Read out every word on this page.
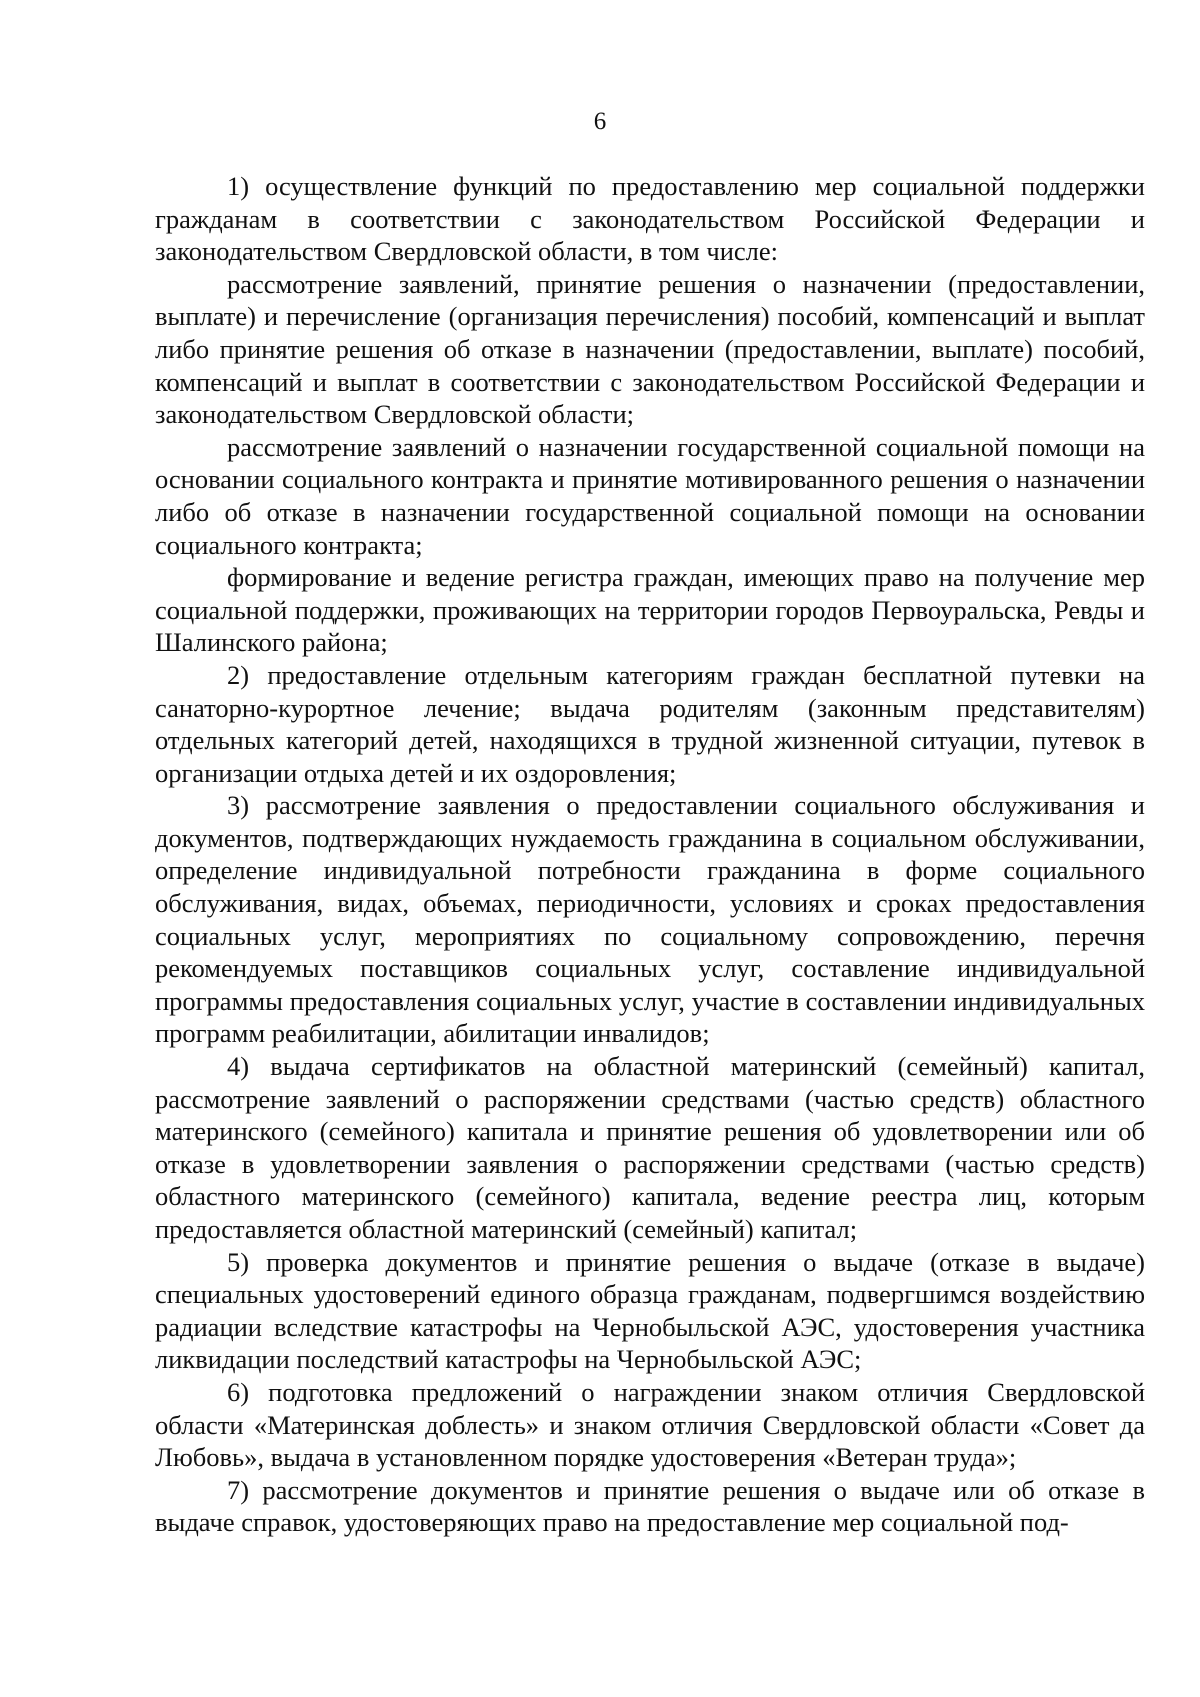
6

1) осуществление функций по предоставлению мер социальной поддержки гражданам в соответствии с законодательством Российской Федерации и законодательством Свердловской области, в том числе:

рассмотрение заявлений, принятие решения о назначении (предоставлении, выплате) и перечисление (организация перечисления) пособий, компенсаций и выплат либо принятие решения об отказе в назначении (предоставлении, выплате) пособий, компенсаций и выплат в соответствии с законодательством Российской Федерации и законодательством Свердловской области;

рассмотрение заявлений о назначении государственной социальной помощи на основании социального контракта и принятие мотивированного решения о назначении либо об отказе в назначении государственной социальной помощи на основании социального контракта;

формирование и ведение регистра граждан, имеющих право на получение мер социальной поддержки, проживающих на территории городов Первоуральска, Ревды и Шалинского района;

2) предоставление отдельным категориям граждан бесплатной путевки на санаторно-курортное лечение; выдача родителям (законным представителям) отдельных категорий детей, находящихся в трудной жизненной ситуации, путевок в организации отдыха детей и их оздоровления;

3) рассмотрение заявления о предоставлении социального обслуживания и документов, подтверждающих нуждаемость гражданина в социальном обслуживании, определение индивидуальной потребности гражданина в форме социального обслуживания, видах, объемах, периодичности, условиях и сроках предоставления социальных услуг, мероприятиях по социальному сопровождению, перечня рекомендуемых поставщиков социальных услуг, составление индивидуальной программы предоставления социальных услуг, участие в составлении индивидуальных программ реабилитации, абилитации инвалидов;

4) выдача сертификатов на областной материнский (семейный) капитал, рассмотрение заявлений о распоряжении средствами (частью средств) областного материнского (семейного) капитала и принятие решения об удовлетворении или об отказе в удовлетворении заявления о распоряжении средствами (частью средств) областного материнского (семейного) капитала, ведение реестра лиц, которым предоставляется областной материнский (семейный) капитал;

5) проверка документов и принятие решения о выдаче (отказе в выдаче) специальных удостоверений единого образца гражданам, подвергшимся воздействию радиации вследствие катастрофы на Чернобыльской АЭС, удостоверения участника ликвидации последствий катастрофы на Чернобыльской АЭС;

6) подготовка предложений о награждении знаком отличия Свердловской области «Материнская доблесть» и знаком отличия Свердловской области «Совет да Любовь», выдача в установленном порядке удостоверения «Ветеран труда»;

7) рассмотрение документов и принятие решения о выдаче или об отказе в выдаче справок, удостоверяющих право на предоставление мер социальной под-
